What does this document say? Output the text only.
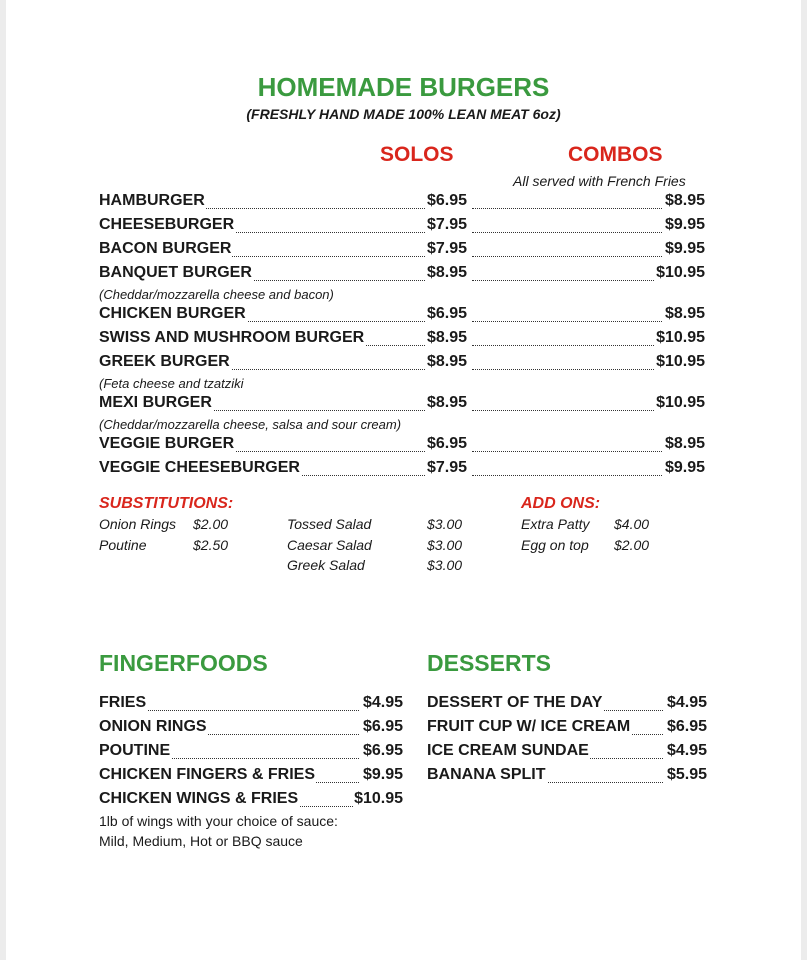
HOMEMADE BURGERS
(FRESHLY HAND MADE 100% LEAN MEAT 6oz)
SOLOS	COMBOS
All served with French Fries
HAMBURGER	$6.95	$8.95
CHEESEBURGER	$7.95	$9.95
BACON BURGER	$7.95	$9.95
BANQUET BURGER	$8.95	$10.95
(Cheddar/mozzarella cheese and bacon)
CHICKEN BURGER	$6.95	$8.95
SWISS AND MUSHROOM BURGER	$8.95	$10.95
GREEK BURGER	$8.95	$10.95
(Feta cheese and tzatziki
MEXI BURGER	$8.95	$10.95
(Cheddar/mozzarella cheese, salsa and sour cream)
VEGGIE BURGER	$6.95	$8.95
VEGGIE CHEESEBURGER	$7.95	$9.95
SUBSTITUTIONS:	ADD ONS:
Onion Rings $2.00
Poutine	$2.50
Tossed Salad	$3.00
Caesar Salad	$3.00
Greek Salad	$3.00
Extra Patty $4.00
Egg on top $2.00
FINGERFOODS	DESSERTS
FRIES	$4.95
ONION RINGS	$6.95
POUTINE	$6.95
CHICKEN FINGERS & FRIES	$9.95
CHICKEN WINGS & FRIES	$10.95
DESSERT OF THE DAY	$4.95
FRUIT CUP W/ ICE CREAM $6.95
ICE CREAM SUNDAE	$4.95
BANANA SPLIT	$5.95
1lb of wings with your choice of sauce:
Mild, Medium, Hot or BBQ sauce
